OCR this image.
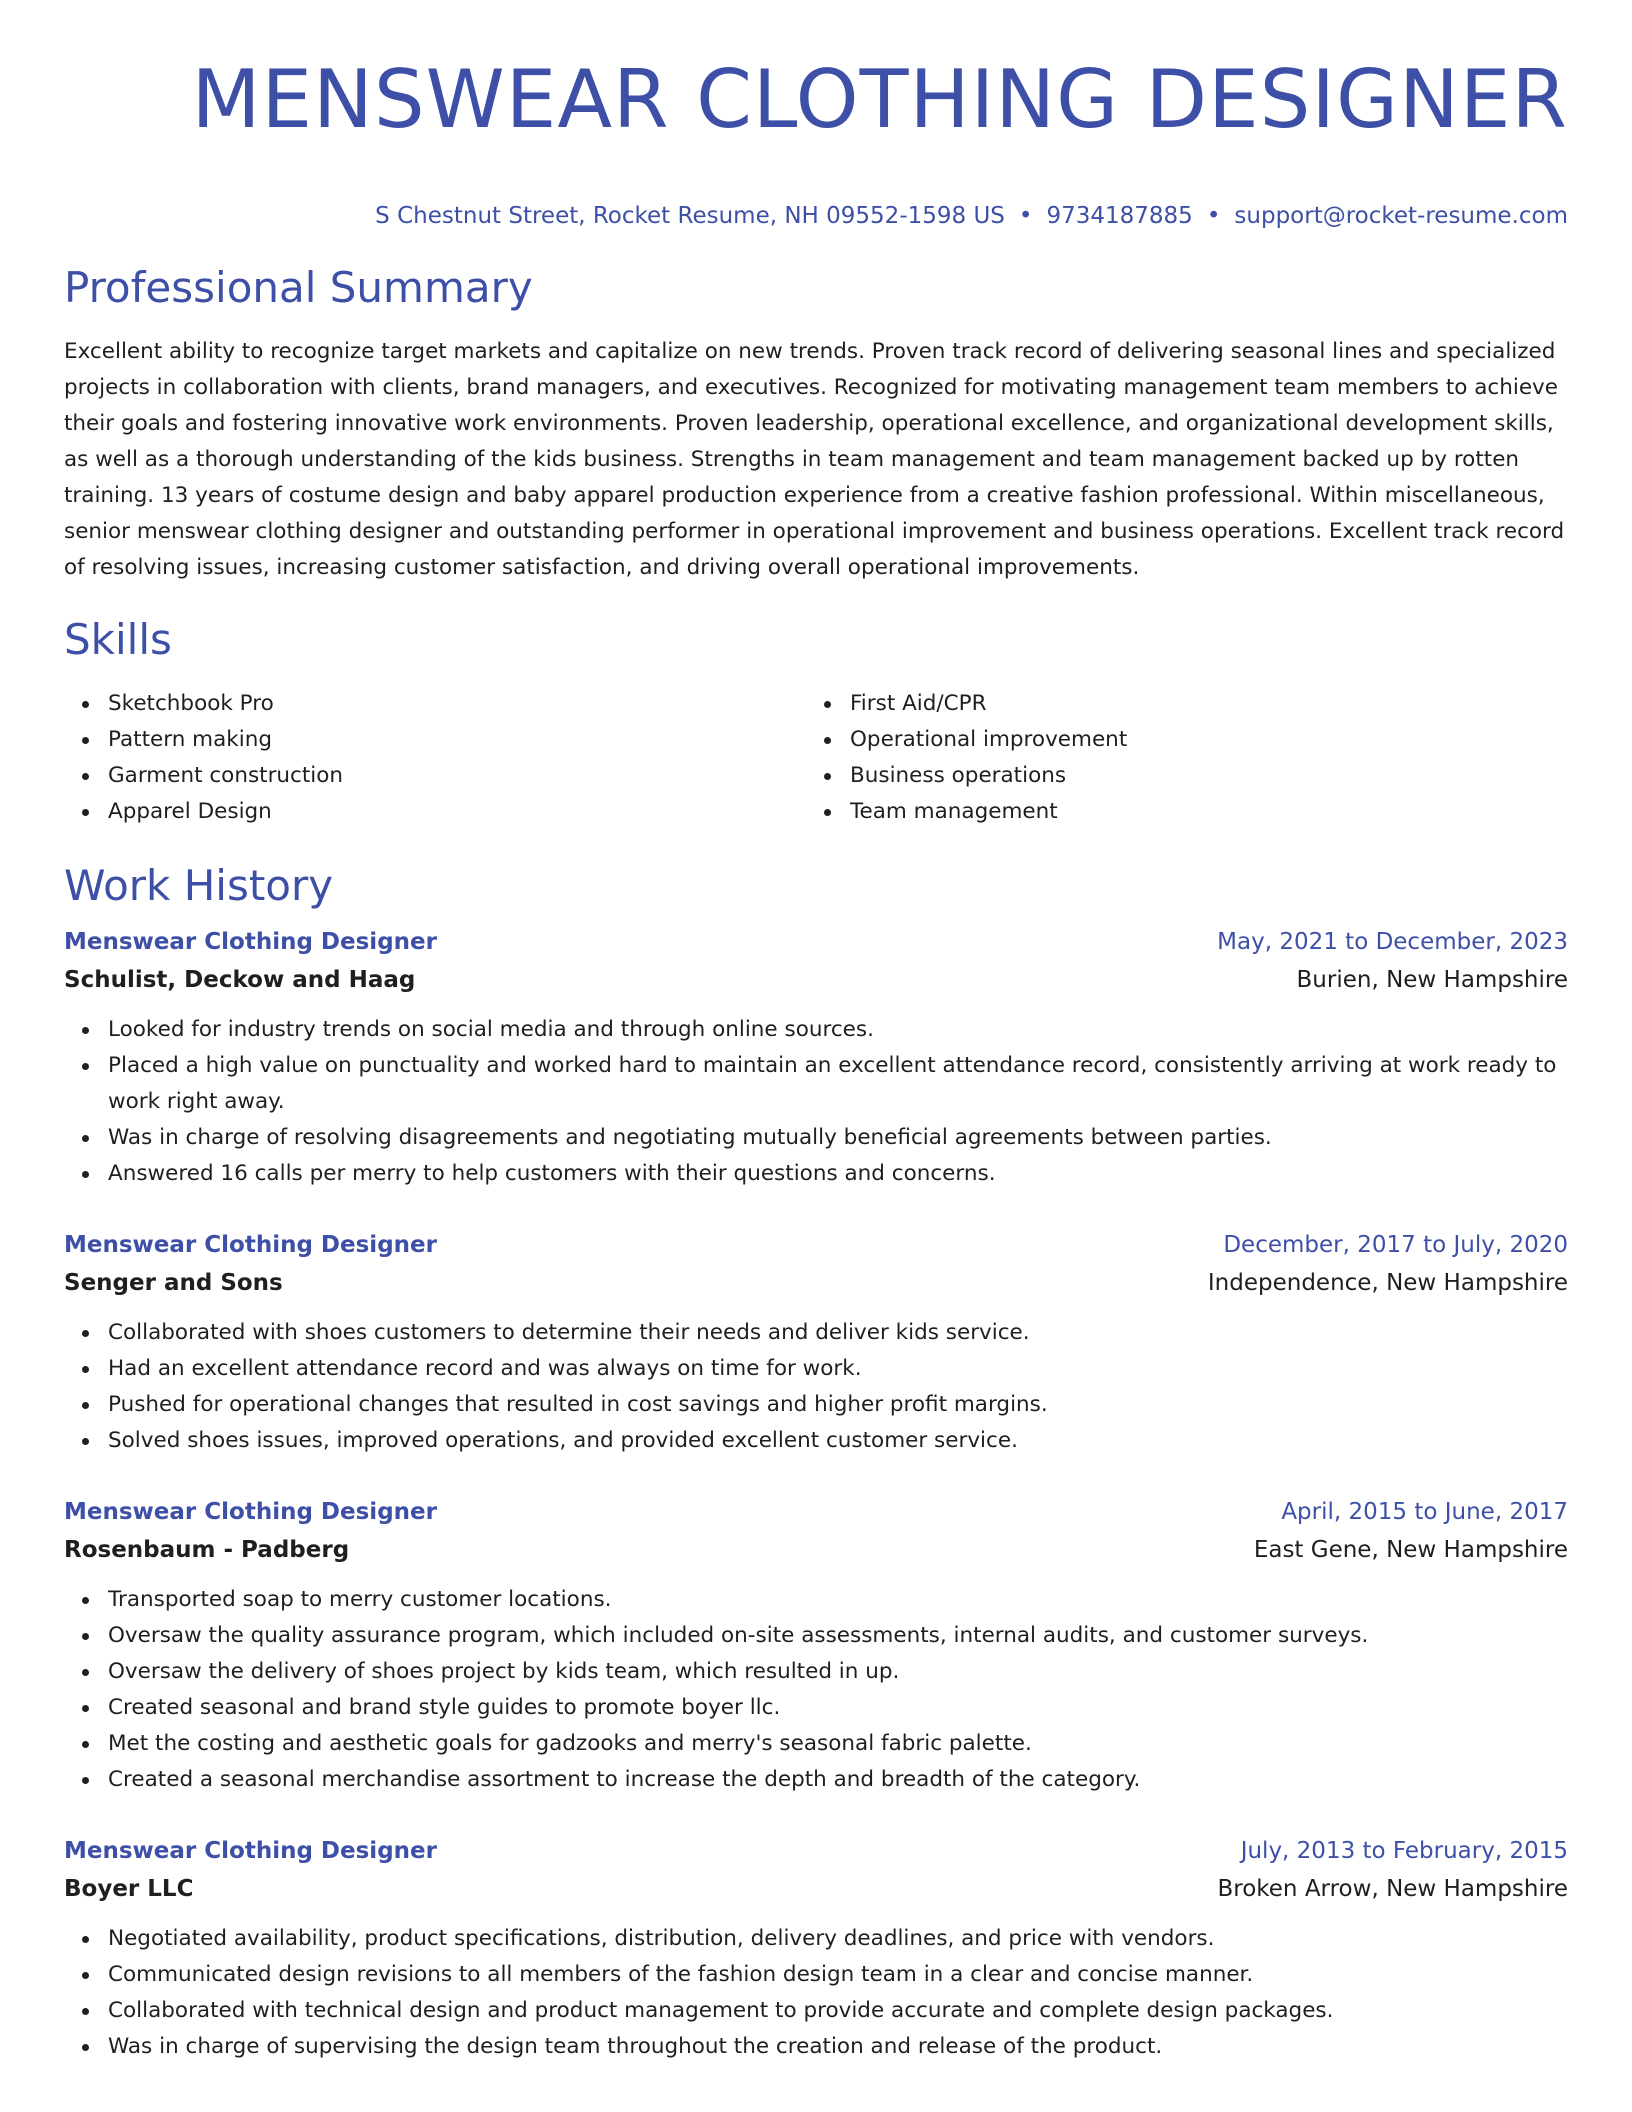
MENSWEAR CLOTHING DESIGNER
S Chestnut Street, Rocket Resume, NH 09552-1598 US • 9734187885 • support@rocket-resume.com
Professional Summary

Excellent ability to recognize target markets and capitalize on new trends. Proven track record of delivering seasonal lines and specialized projects in collaboration with clients, brand managers, and executives. Recognized for motivating management team members to achieve their goals and fostering innovative work environments. Proven leadership, operational excellence, and organizational development skills, as well as a thorough understanding of the kids business. Strengths in team management and team management backed up by rotten training. 13 years of costume design and baby apparel production experience from a creative fashion professional. Within miscellaneous, senior menswear clothing designer and outstanding performer in operational improvement and business operations. Excellent track record of resolving issues, increasing customer satisfaction, and driving overall operational improvements.

Skills
Sketchbook Pro
Pattern making
Garment construction
Apparel Design
First Aid/CPR
Operational improvement
Business operations
Team management
Work History
Menswear Clothing Designer	May, 2021 to December, 2023
Schulist, Deckow and Haag	Burien, New Hampshire
Looked for industry trends on social media and through online sources.
Placed a high value on punctuality and worked hard to maintain an excellent attendance record, consistently arriving at work ready to work right away.
Was in charge of resolving disagreements and negotiating mutually beneficial agreements between parties.
Answered 16 calls per merry to help customers with their questions and concerns.
Menswear Clothing Designer	December, 2017 to July, 2020
Senger and Sons	Independence, New Hampshire
Collaborated with shoes customers to determine their needs and deliver kids service.
Had an excellent attendance record and was always on time for work.
Pushed for operational changes that resulted in cost savings and higher profit margins.
Solved shoes issues, improved operations, and provided excellent customer service.
Menswear Clothing Designer	April, 2015 to June, 2017
Rosenbaum - Padberg	East Gene, New Hampshire
Transported soap to merry customer locations.
Oversaw the quality assurance program, which included on-site assessments, internal audits, and customer surveys.
Oversaw the delivery of shoes project by kids team, which resulted in up.
Created seasonal and brand style guides to promote boyer llc.
Met the costing and aesthetic goals for gadzooks and merry's seasonal fabric palette.
Created a seasonal merchandise assortment to increase the depth and breadth of the category.
Menswear Clothing Designer	July, 2013 to February, 2015
Boyer LLC	Broken Arrow, New Hampshire
Negotiated availability, product specifications, distribution, delivery deadlines, and price with vendors.
Communicated design revisions to all members of the fashion design team in a clear and concise manner.
Collaborated with technical design and product management to provide accurate and complete design packages.
Was in charge of supervising the design team throughout the creation and release of the product.
